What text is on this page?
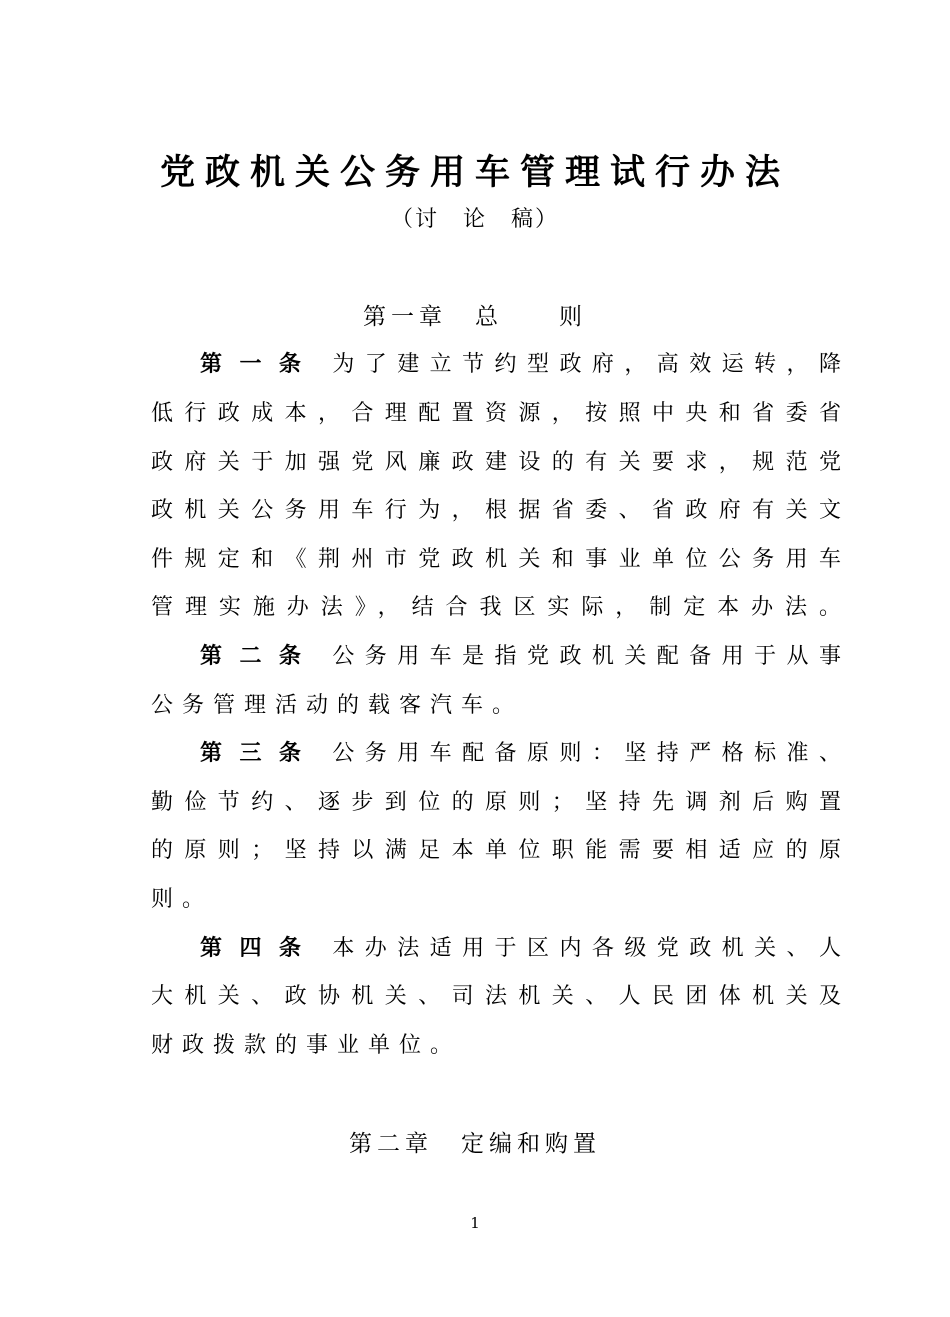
党政机关公务用车管理试行办法
（讨　论　稿）
第一章　总　　则
第一条 为了建立节约型政府，高效运转，降
低行政成本，合理配置资源，按照中央和省委省
政府关于加强党风廉政建设的有关要求，规范党
政机关公务用车行为，根据省委、省政府有关文
件规定和《荆州市党政机关和事业单位公务用车
管理实施办法》，结合我区实际，制定本办法。
第二条 公务用车是指党政机关配备用于从事
公务管理活动的载客汽车。
第三条 公务用车配备原则：坚持严格标准、
勤俭节约、逐步到位的原则；坚持先调剂后购置
的原则；坚持以满足本单位职能需要相适应的原
则。
第四条 本办法适用于区内各级党政机关、人
大机关、政协机关、司法机关、人民团体机关及
财政拨款的事业单位。
第二章　定编和购置
1
